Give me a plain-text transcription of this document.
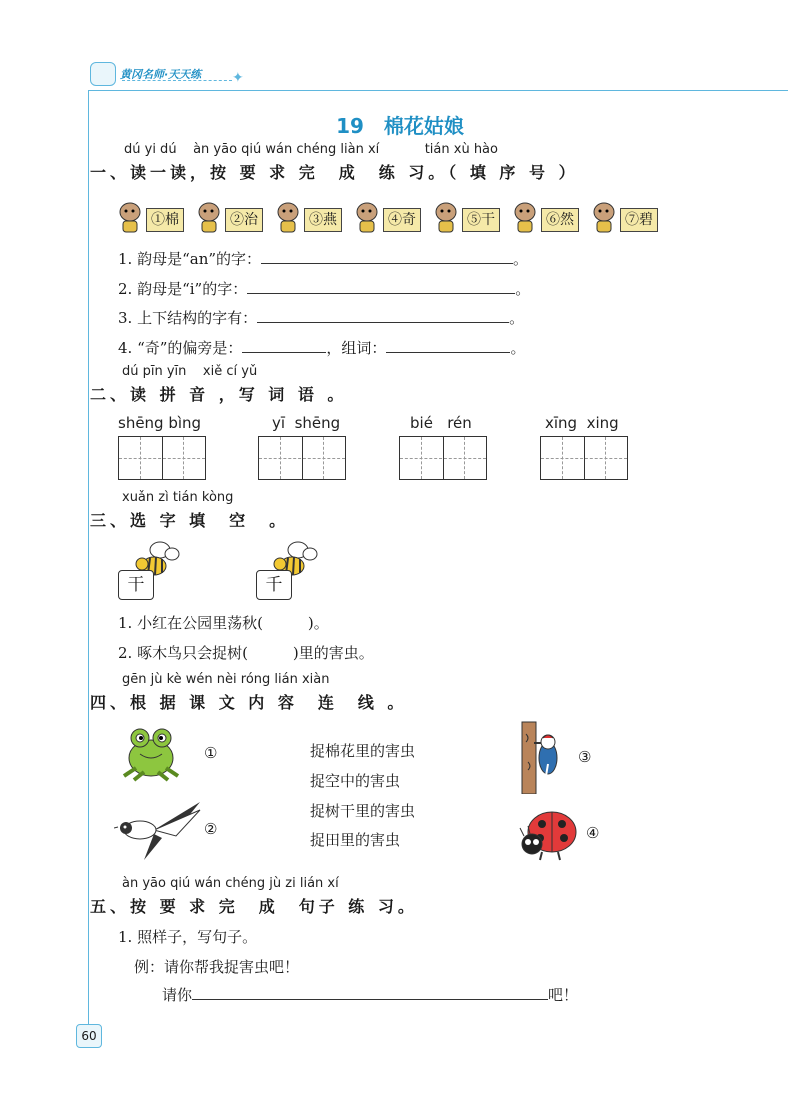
黄冈名师·天天练 ✦
19　棉花姑娘
dú yi dú    àn yāo qiú wán chéng liàn xí           tián xù hào
一、读一读，按 要 求 完　成　练 习。（ 填 序 号 ）
①棉	②治	③燕	④奇	⑤干	⑥然	⑦碧
1. 韵母是“an”的字：	。
2. 韵母是“i”的字：	。
3. 上下结构的字有：	。
4. “奇”的偏旁是：	，组词：	。
dú pīn yīn    xiě cí yǔ
二、读 拼 音 ，写 词 语 。
shēng bìng	yī  shēng	bié   rén	xīng  xing
xuǎn zì tián kòng
三、选 字 填　空　。
干	千
1. 小红在公园里荡秋(　　　)。
2. 啄木鸟只会捉树(　　　)里的害虫。
gēn jù kè wén nèi róng lián xiàn
四、根 据 课 文 内 容　连　线 。
①
②
捉棉花里的害虫
捉空中的害虫
捉树干里的害虫
捉田里的害虫
③
④
àn yāo qiú wán chéng jù zi lián xí
五、按 要 求 完　成　句子 练 习。
1. 照样子，写句子。
例：请你帮我捉害虫吧！
请你	吧！
60
